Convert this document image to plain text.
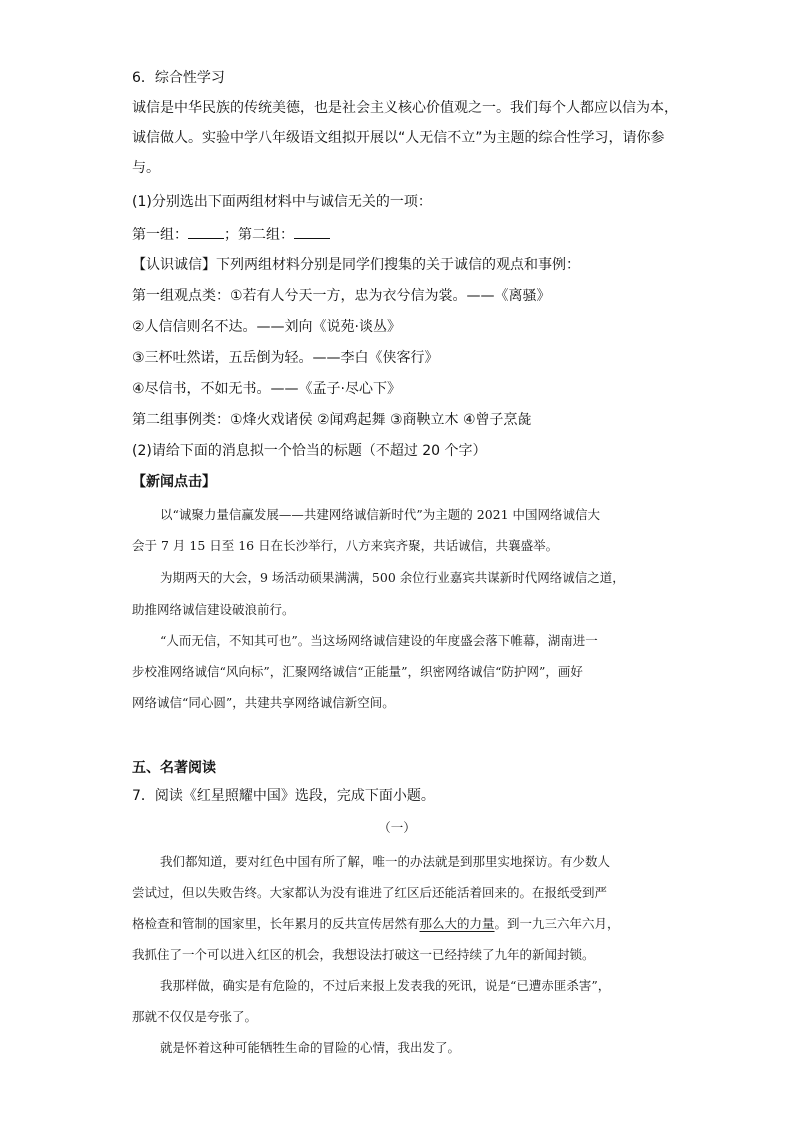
6．综合性学习
诚信是中华民族的传统美德，也是社会主义核心价值观之一。我们每个人都应以信为本，
诚信做人。实验中学八年级语文组拟开展以“人无信不立”为主题的综合性学习，请你参
与。
(1)分别选出下面两组材料中与诚信无关的一项：
第一组：	；第二组：
【认识诚信】下列两组材料分别是同学们搜集的关于诚信的观点和事例：
第一组观点类：①若有人兮天一方，忠为衣兮信为裳。——《离骚》
②人信信则名不达。——刘向《说苑·谈丛》
③三杯吐然诺，五岳倒为轻。——李白《侠客行》
④尽信书，不如无书。——《孟子·尽心下》
第二组事例类：①烽火戏诸侯 ②闻鸡起舞 ③商鞅立木 ④曾子烹彘
(2)请给下面的消息拟一个恰当的标题（不超过 20 个字）
【新闻点击】
以“诚聚力量信赢发展——共建网络诚信新时代”为主题的 2021 中国网络诚信大
会于 7 月 15 日至 16 日在长沙举行，八方来宾齐聚，共话诚信，共襄盛举。
为期两天的大会，9 场活动硕果满满，500 余位行业嘉宾共谋新时代网络诚信之道，
助推网络诚信建设破浪前行。
“人而无信，不知其可也”。当这场网络诚信建设的年度盛会落下帷幕，湖南进一
步校准网络诚信“风向标”，汇聚网络诚信“正能量”，织密网络诚信“防护网”，画好
网络诚信“同心圆”，共建共享网络诚信新空间。
五、名著阅读
7．阅读《红星照耀中国》选段，完成下面小题。
（一）
我们都知道，要对红色中国有所了解，唯一的办法就是到那里实地探访。有少数人
尝试过，但以失败告终。大家都认为没有谁进了红区后还能活着回来的。在报纸受到严
格检查和管制的国家里，长年累月的反共宣传居然有那么大的力量。到一九三六年六月，
我抓住了一个可以进入红区的机会，我想设法打破这一已经持续了九年的新闻封锁。
我那样做，确实是有危险的，不过后来报上发表我的死讯，说是“已遭赤匪杀害”，
那就不仅仅是夸张了。
就是怀着这种可能牺牲生命的冒险的心情，我出发了。
